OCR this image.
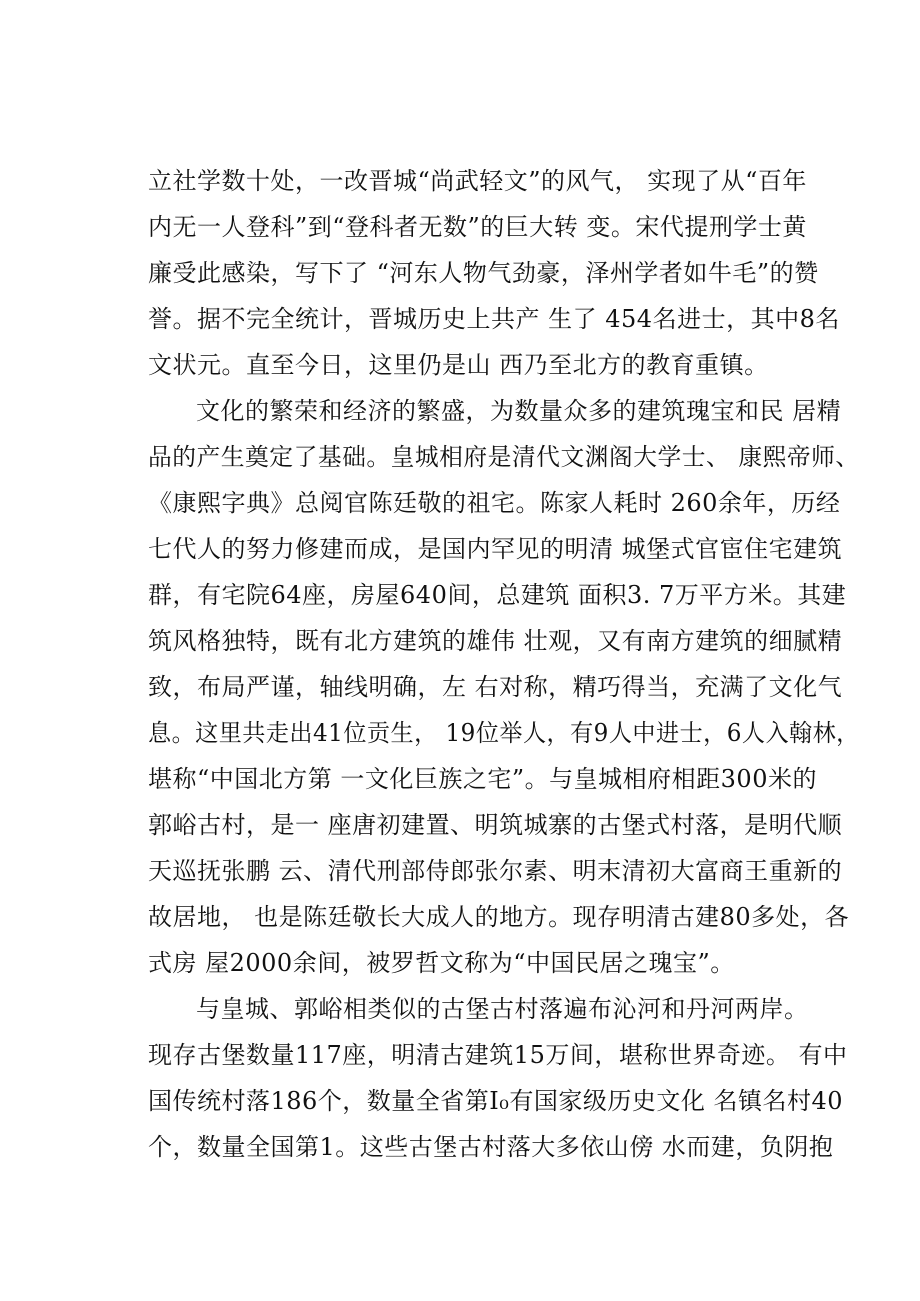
立社学数十处，一改晋城“尚武轻文”的风气， 实现了从“百年
内无一人登科”到“登科者无数”的巨大转 变。宋代提刑学士黄
廉受此感染，写下了 “河东人物气劲豪，泽州学者如牛毛”的赞
誉。据不完全统计，晋城历史上共产 生了 454名进士，其中8名
文状元。直至今日，这里仍是山 西乃至北方的教育重镇。
文化的繁荣和经济的繁盛，为数量众多的建筑瑰宝和民 居精
品的产生奠定了基础。皇城相府是清代文渊阁大学士、 康熙帝师、
《康熙字典》总阅官陈廷敬的祖宅。陈家人耗时 260余年，历经
七代人的努力修建而成，是国内罕见的明清 城堡式官宦住宅建筑
群，有宅院64座，房屋640间，总建筑 面积3. 7万平方米。其建
筑风格独特，既有北方建筑的雄伟 壮观，又有南方建筑的细腻精
致，布局严谨，轴线明确，左 右对称，精巧得当，充满了文化气
息。这里共走出41位贡生， 19位举人，有9人中进士，6人入翰林，
堪称“中国北方第 一文化巨族之宅”。与皇城相府相距300米的
郭峪古村，是一 座唐初建置、明筑城寨的古堡式村落，是明代顺
天巡抚张鹏 云、清代刑部侍郎张尔素、明末清初大富商王重新的
故居地， 也是陈廷敬长大成人的地方。现存明清古建80多处，各
式房 屋2000余间，被罗哲文称为“中国民居之瑰宝”。
与皇城、郭峪相类似的古堡古村落遍布沁河和丹河两岸。
现存古堡数量117座，明清古建筑15万间，堪称世界奇迹。 有中
国传统村落186个，数量全省第I₀有国家级历史文化 名镇名村40
个，数量全国第1。这些古堡古村落大多依山傍 水而建，负阴抱
